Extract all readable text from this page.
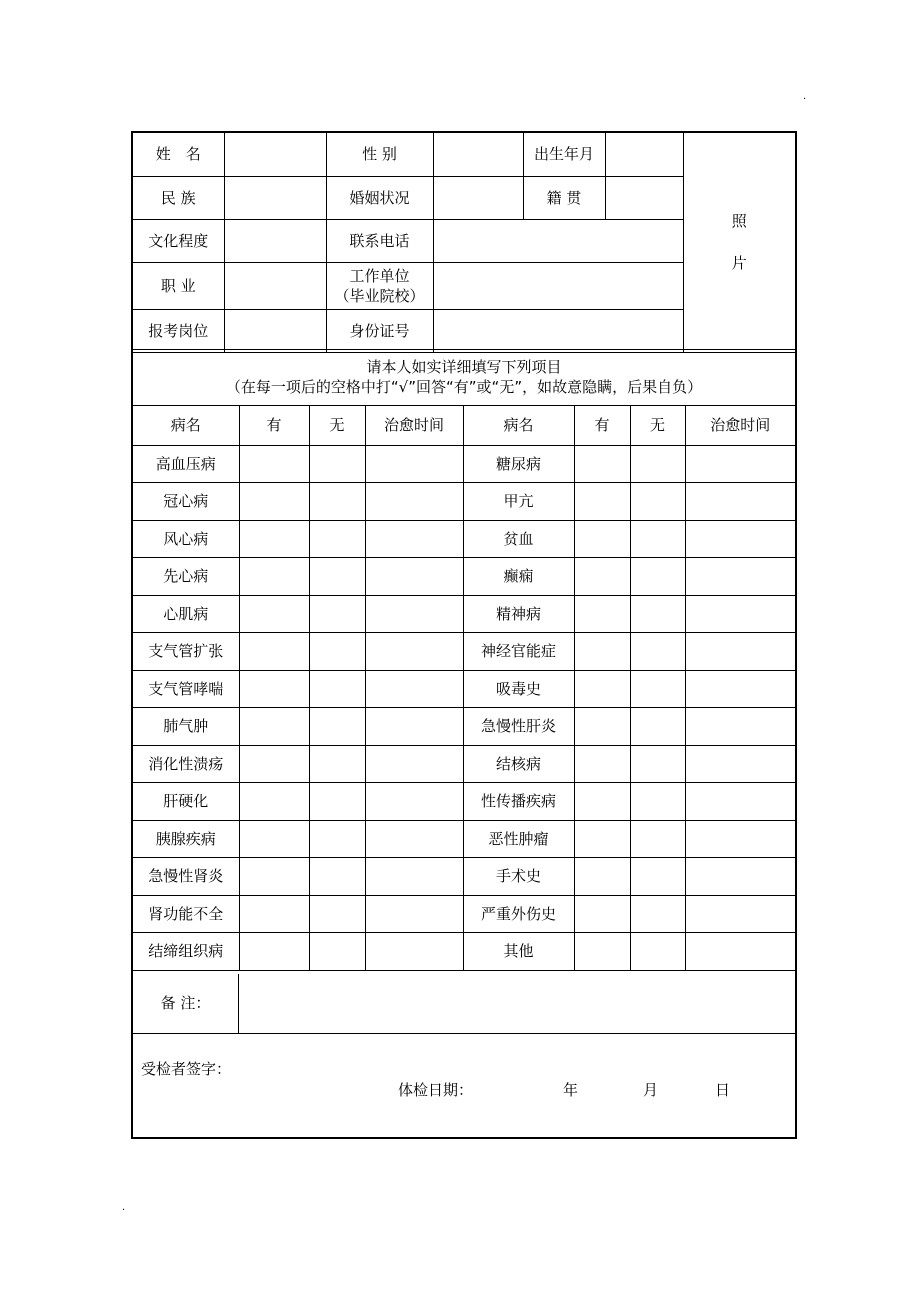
.
.
姓　名		性 别		出生年月		照
片

民 族		婚姻状况		籍 贯		
文化程度		联系电话				
职 业		工作单位
（毕业院校）				

报考岗位		身份证号				
请本人如实详细填写下列项目
（在每一项后的空格中打“√”回答“有”或“无”，如故意隐瞒，后果自负）
病名	有	无	治愈时间	病名	有	无	治愈时间
高血压病				糖尿病			
冠心病				甲亢			
风心病				贫血			
先心病				癫痫			
心肌病				精神病			
支气管扩张				神经官能症			
支气管哮喘				吸毒史			
肺气肿				急慢性肝炎			
消化性溃疡				结核病			
肝硬化				性传播疾病			
胰腺疾病				恶性肿瘤			
急慢性肾炎				手术史			
肾功能不全				严重外伤史			
结缔组织病				其他			
备 注：
受检者签字：
体检日期：	年	月	日
